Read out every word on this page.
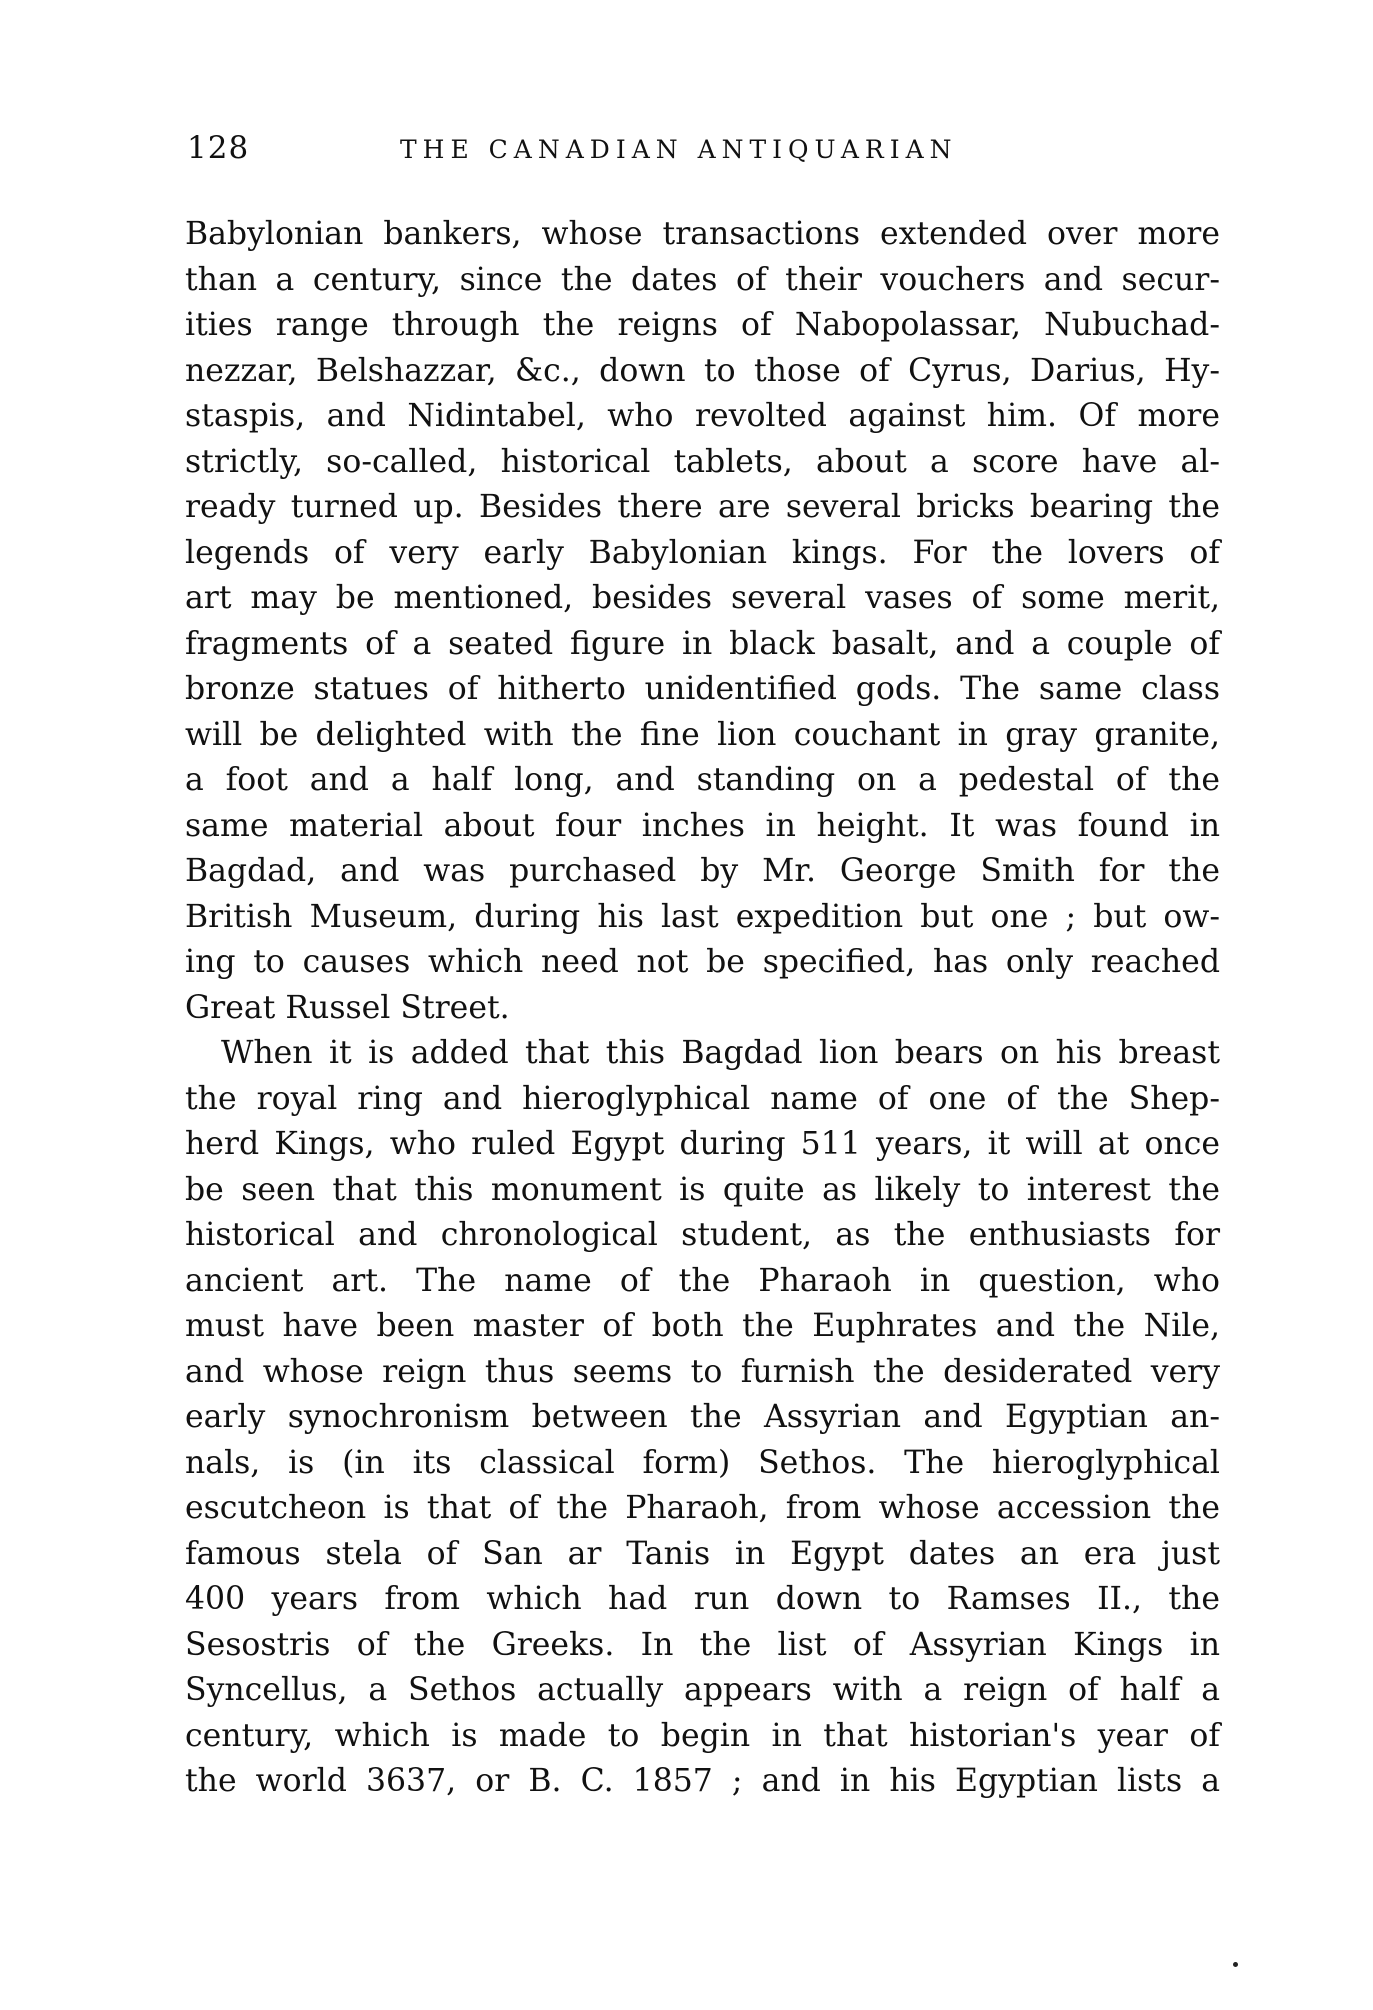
128	THE CANADIAN ANTIQUARIAN
Babylonian bankers, whose transactions extended over more
than a century, since the dates of their vouchers and secur-
ities range through the reigns of Nabopolassar, Nubuchad-
nezzar, Belshazzar, &c., down to those of Cyrus, Darius, Hy-
staspis, and Nidintabel, who revolted against him. Of more
strictly, so-called, historical tablets, about a score have al-
ready turned up. Besides there are several bricks bearing the
legends of very early Babylonian kings. For the lovers of
art may be mentioned, besides several vases of some merit,
fragments of a seated figure in black basalt, and a couple of
bronze statues of hitherto unidentified gods. The same class
will be delighted with the fine lion couchant in gray granite,
a foot and a half long, and standing on a pedestal of the
same material about four inches in height. It was found in
Bagdad, and was purchased by Mr. George Smith for the
British Museum, during his last expedition but one ; but ow-
ing to causes which need not be specified, has only reached
Great Russel Street.
When it is added that this Bagdad lion bears on his breast
the royal ring and hieroglyphical name of one of the Shep-
herd Kings, who ruled Egypt during 511 years, it will at once
be seen that this monument is quite as likely to interest the
historical and chronological student, as the enthusiasts for
ancient art. The name of the Pharaoh in question, who
must have been master of both the Euphrates and the Nile,
and whose reign thus seems to furnish the desiderated very
early synochronism between the Assyrian and Egyptian an-
nals, is (in its classical form) Sethos. The hieroglyphical
escutcheon is that of the Pharaoh, from whose accession the
famous stela of San ar Tanis in Egypt dates an era just
400 years from which had run down to Ramses II., the
Sesostris of the Greeks. In the list of Assyrian Kings in
Syncellus, a Sethos actually appears with a reign of half a
century, which is made to begin in that historian's year of
the world 3637, or B. C. 1857 ; and in his Egyptian lists a
